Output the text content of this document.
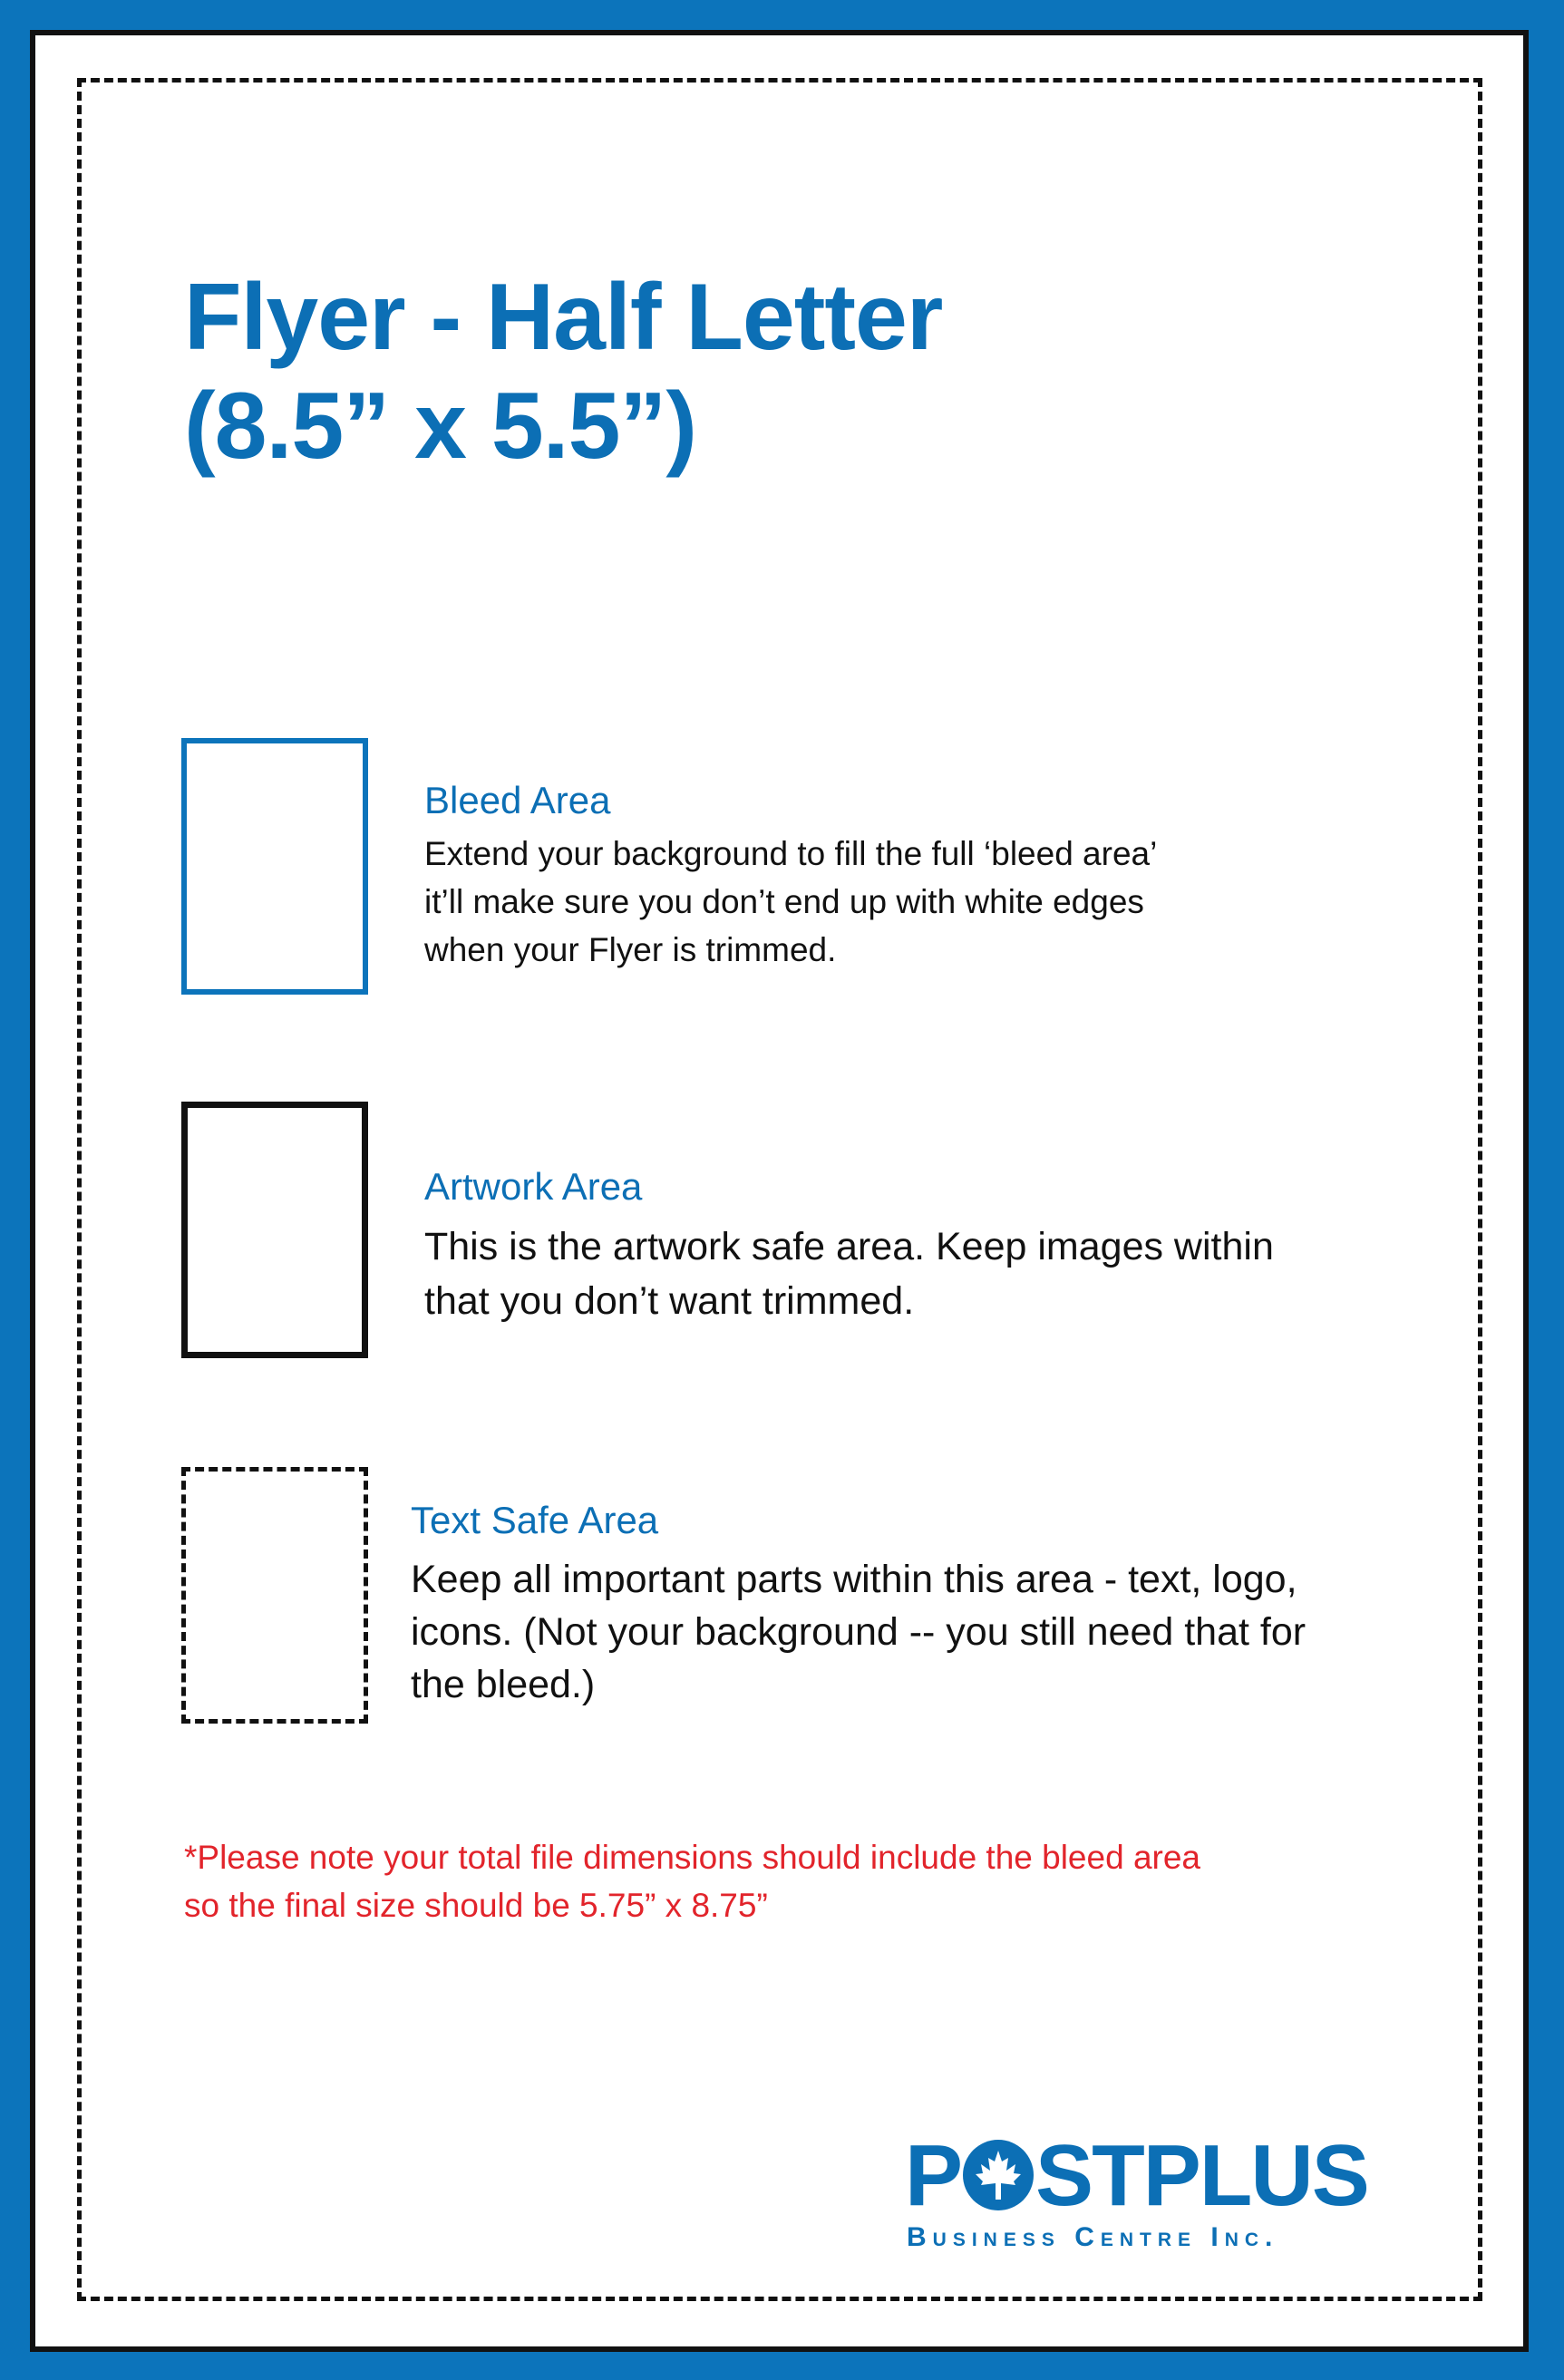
Flyer - Half Letter
(8.5” x 5.5”)
Bleed Area
Extend your background to fill the full ‘bleed area’
it’ll make sure you don’t end up with white edges
when your Flyer is trimmed.
Artwork Area
This is the artwork safe area. Keep images within
that you don’t want trimmed.
Text Safe Area
Keep all important parts within this area - text, logo,
icons. (Not your background -- you still need that for
the bleed.)
*Please note your total file dimensions should include the bleed area
so the final size should be 5.75” x 8.75”
P STPLUS
Business Centre Inc.
